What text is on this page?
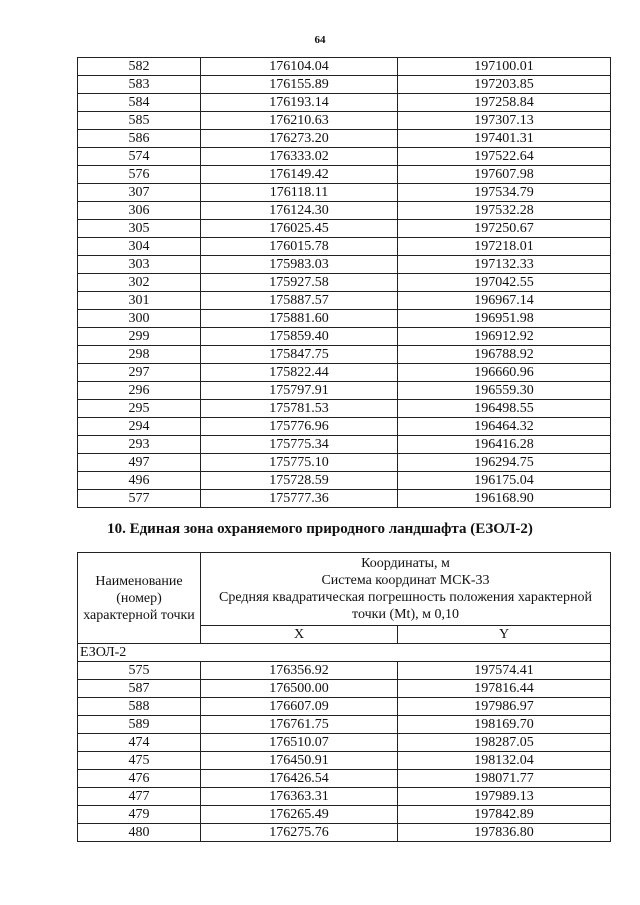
64
582	176104.04	197100.01
583	176155.89	197203.85
584	176193.14	197258.84
585	176210.63	197307.13
586	176273.20	197401.31
574	176333.02	197522.64
576	176149.42	197607.98
307	176118.11	197534.79
306	176124.30	197532.28
305	176025.45	197250.67
304	176015.78	197218.01
303	175983.03	197132.33
302	175927.58	197042.55
301	175887.57	196967.14
300	175881.60	196951.98
299	175859.40	196912.92
298	175847.75	196788.92
297	175822.44	196660.96
296	175797.91	196559.30
295	175781.53	196498.55
294	175776.96	196464.32
293	175775.34	196416.28
497	175775.10	196294.75
496	175728.59	196175.04
577	175777.36	196168.90
10. Единая зона охраняемого природного ландшафта (ЕЗОЛ-2)
Наименование (номер) характерной точки	Координаты, м
Система координат МСК-33
Средняя квадратическая погрешность положения характерной точки (Mt), м 0,10	

	X	Y
ЕЗОЛ-2		
575	176356.92	197574.41
587	176500.00	197816.44
588	176607.09	197986.97
589	176761.75	198169.70
474	176510.07	198287.05
475	176450.91	198132.04
476	176426.54	198071.77
477	176363.31	197989.13
479	176265.49	197842.89
480	176275.76	197836.80
